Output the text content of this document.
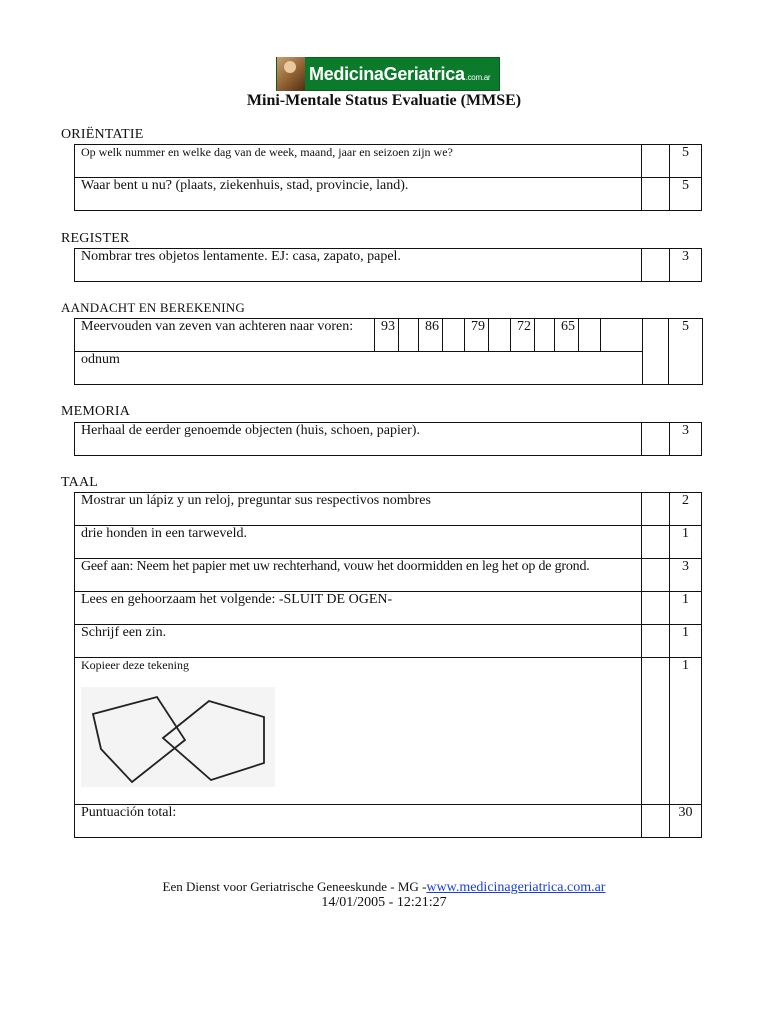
MedicinaGeriatrica.com.ar
Mini-Mentale Status Evaluatie (MMSE)
ORIËNTATIE
Op welk nummer en welke dag van de week, maand, jaar en seizoen zijn we?		5
Waar bent u nu? (plaats, ziekenhuis, stad, provincie, land).		5
REGISTER
Nombrar tres objetos lentamente. EJ: casa, zapato, papel.		3
AANDACHT EN BEREKENING
Meervouden van zeven van achteren naar voren:	93		86		79		72		65				5
odnum
MEMORIA
Herhaal de eerder genoemde objecten (huis, schoen, papier).		3
TAAL
Mostrar un lápiz y un reloj, preguntar sus respectivos nombres		2
drie honden in een tarweveld.		1
Geef aan: Neem het papier met uw rechterhand, vouw het doormidden en leg het op de grond.		3
Lees en gehoorzaam het volgende: -SLUIT DE OGEN-		1
Schrijf een zin.		1
Kopieer deze tekening		1
Puntuación total:		30
Een Dienst voor Geriatrische Geneeskunde - MG -www.medicinageriatrica.com.ar
14/01/2005 - 12:21:27
